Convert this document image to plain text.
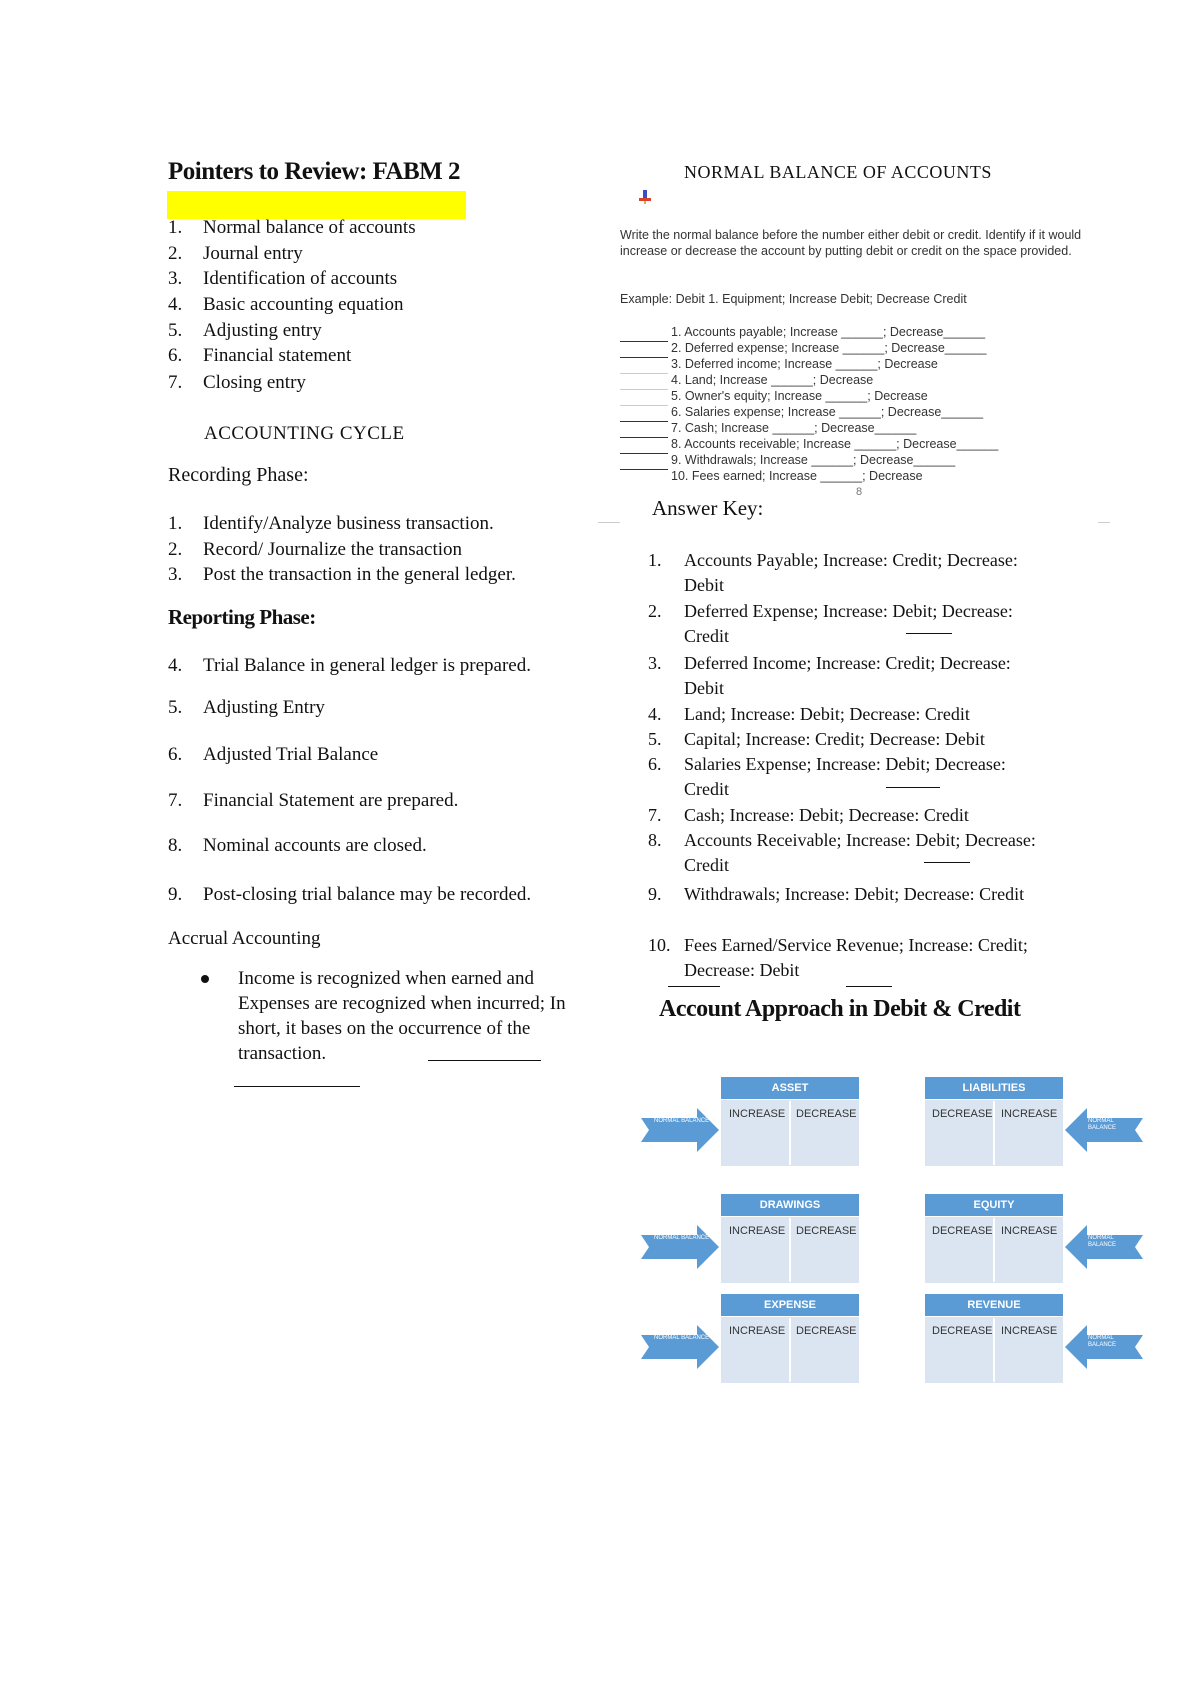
Pointers to Review: FABM 2
1. Normal balance of accounts
2. Journal entry
3. Identification of accounts
4. Basic accounting equation
5. Adjusting entry
6. Financial statement
7. Closing entry
ACCOUNTING CYCLE
Recording Phase:
1. Identify/Analyze business transaction.
2. Record/ Journalize the transaction
3. Post the transaction in the general ledger.
Reporting Phase:
4. Trial Balance in general ledger is prepared.
5. Adjusting Entry
6. Adjusted Trial Balance
7. Financial Statement are prepared.
8. Nominal accounts are closed.
9. Post-closing trial balance may be recorded.
Accrual Accounting
Income is recognized when earned and Expenses are recognized when incurred; In short, it bases on the occurrence of the transaction.
NORMAL BALANCE OF ACCOUNTS
Write the normal balance before the number either debit or credit. Identify if it would increase or decrease the account by putting debit or credit on the space provided.
Example: Debit 1. Equipment; Increase Debit; Decrease Credit
1. Accounts payable; Increase ______; Decrease______
2. Deferred expense; Increase ______; Decrease______
3. Deferred income; Increase ______; Decrease
4. Land; Increase ______; Decrease
5. Owner's equity; Increase ______; Decrease
6. Salaries expense; Increase ______; Decrease______
7. Cash; Increase ______; Decrease______
8. Accounts receivable; Increase ______; Decrease______
9. Withdrawals; Increase ______; Decrease______
10. Fees earned; Increase ______; Decrease
8
Answer Key:
1. Accounts Payable; Increase: Credit; Decrease: Debit
2. Deferred Expense; Increase: Debit; Decrease: Credit
3. Deferred Income; Increase: Credit; Decrease: Debit
4. Land; Increase: Debit; Decrease: Credit
5. Capital; Increase: Credit; Decrease: Debit
6. Salaries Expense; Increase: Debit; Decrease: Credit
7. Cash; Increase: Debit; Decrease: Credit
8. Accounts Receivable; Increase: Debit; Decrease: Credit
9. Withdrawals; Increase: Debit; Decrease: Credit
10. Fees Earned/Service Revenue; Increase: Credit; Decrease: Debit
Account Approach in Debit & Credit
ASSET
INCREASE DECREASE
NORMAL BALANCE
LIABILITIES
DECREASE INCREASE
NORMAL BALANCE
DRAWINGS
INCREASE DECREASE
NORMAL BALANCE
EQUITY
DECREASE INCREASE
NORMAL BALANCE
EXPENSE
INCREASE DECREASE
NORMAL BALANCE
REVENUE
DECREASE INCREASE
NORMAL BALANCE
